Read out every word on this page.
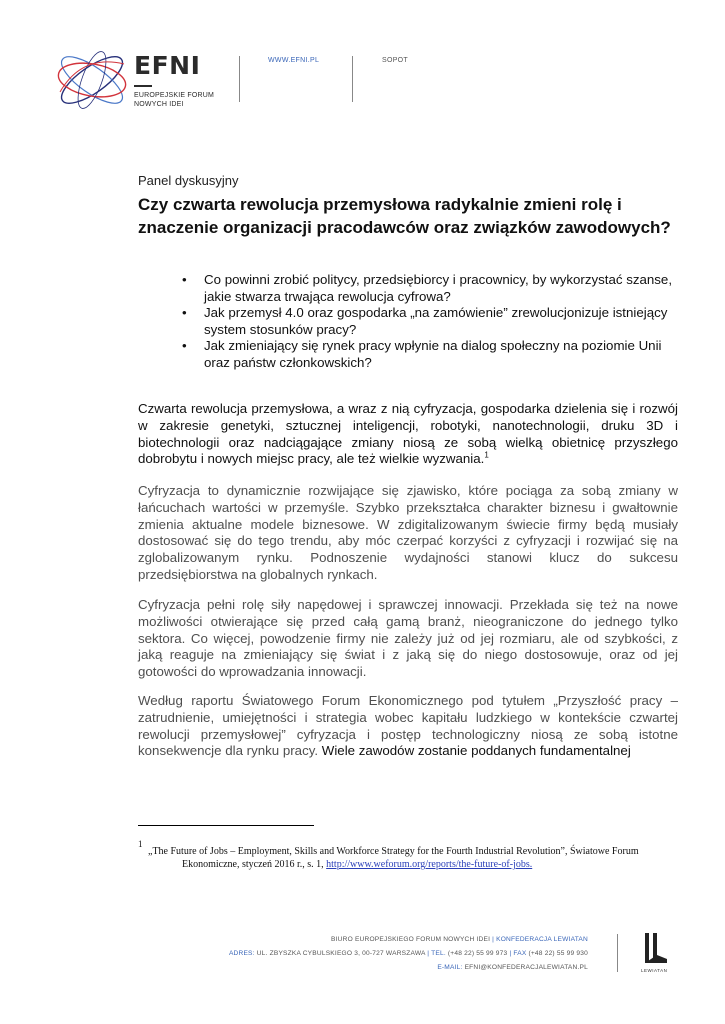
EFNI
EUROPEJSKIE FORUM
NOWYCH IDEI
WWW.EFNI.PL	SOPOT
Panel dyskusyjny
Czy czwarta rewolucja przemysłowa radykalnie zmieni rolę i znaczenie organizacji pracodawców oraz związków zawodowych?
• Co powinni zrobić politycy, przedsiębiorcy i pracownicy, by wykorzystać szanse, jakie stwarza trwająca rewolucja cyfrowa?
• Jak przemysł 4.0 oraz gospodarka „na zamówienie” zrewolucjonizuje istniejący system stosunków pracy?
• Jak zmieniający się rynek pracy wpłynie na dialog społeczny na poziomie Unii oraz państw członkowskich?

Czwarta rewolucja przemysłowa, a wraz z nią cyfryzacja, gospodarka dzielenia się i rozwój w zakresie genetyki, sztucznej inteligencji, robotyki, nanotechnologii, druku 3D i biotechnologii oraz nadciągające zmiany niosą ze sobą wielką obietnicę przyszłego dobrobytu i nowych miejsc pracy, ale też wielkie wyzwania.$^1$

Cyfryzacja to dynamicznie rozwijające się zjawisko, które pociąga za sobą zmiany w łańcuchach wartości w przemyśle. Szybko przekształca charakter biznesu i gwałtownie zmienia aktualne modele biznesowe. W zdigitalizowanym świecie firmy będą musiały dostosować się do tego trendu, aby móc czerpać korzyści z cyfryzacji i rozwijać się na zglobalizowanym rynku. Podnoszenie wydajności stanowi klucz do sukcesu przedsiębiorstwa na globalnych rynkach.

Cyfryzacja pełni rolę siły napędowej i sprawczej innowacji. Przekłada się też na nowe możliwości otwierające się przed całą gamą branż, nieograniczone do jednego tylko sektora. Co więcej, powodzenie firmy nie zależy już od jej rozmiaru, ale od szybkości, z jaką reaguje na zmieniający się świat i z jaką się do niego dostosowuje, oraz od jej gotowości do wprowadzania innowacji.

Według raportu Światowego Forum Ekonomicznego pod tytułem „Przyszłość pracy – zatrudnienie, umiejętności i strategia wobec kapitału ludzkiego w kontekście czwartej rewolucji przemysłowej” cyfryzacja i postęp technologiczny niosą ze sobą istotne konsekwencje dla rynku pracy. Wiele zawodów zostanie poddanych fundamentalnej

1
„The Future of Jobs – Employment, Skills and Workforce Strategy for the Fourth Industrial Revolution”, Światowe Forum
Ekonomiczne, styczeń 2016 r., s. 1, http://www.weforum.org/reports/the-future-of-jobs.
BIURO EUROPEJSKIEGO FORUM NOWYCH IDEI | KONFEDERACJA LEWIATAN
ADRES: UL. ZBYSZKA CYBULSKIEGO 3, 00-727 WARSZAWA | TEL. (+48 22) 55 99 973 | FAX (+48 22) 55 99 930
E-MAIL: EFNI@KONFEDERACJALEWIATAN.PL	LEWIATAN
